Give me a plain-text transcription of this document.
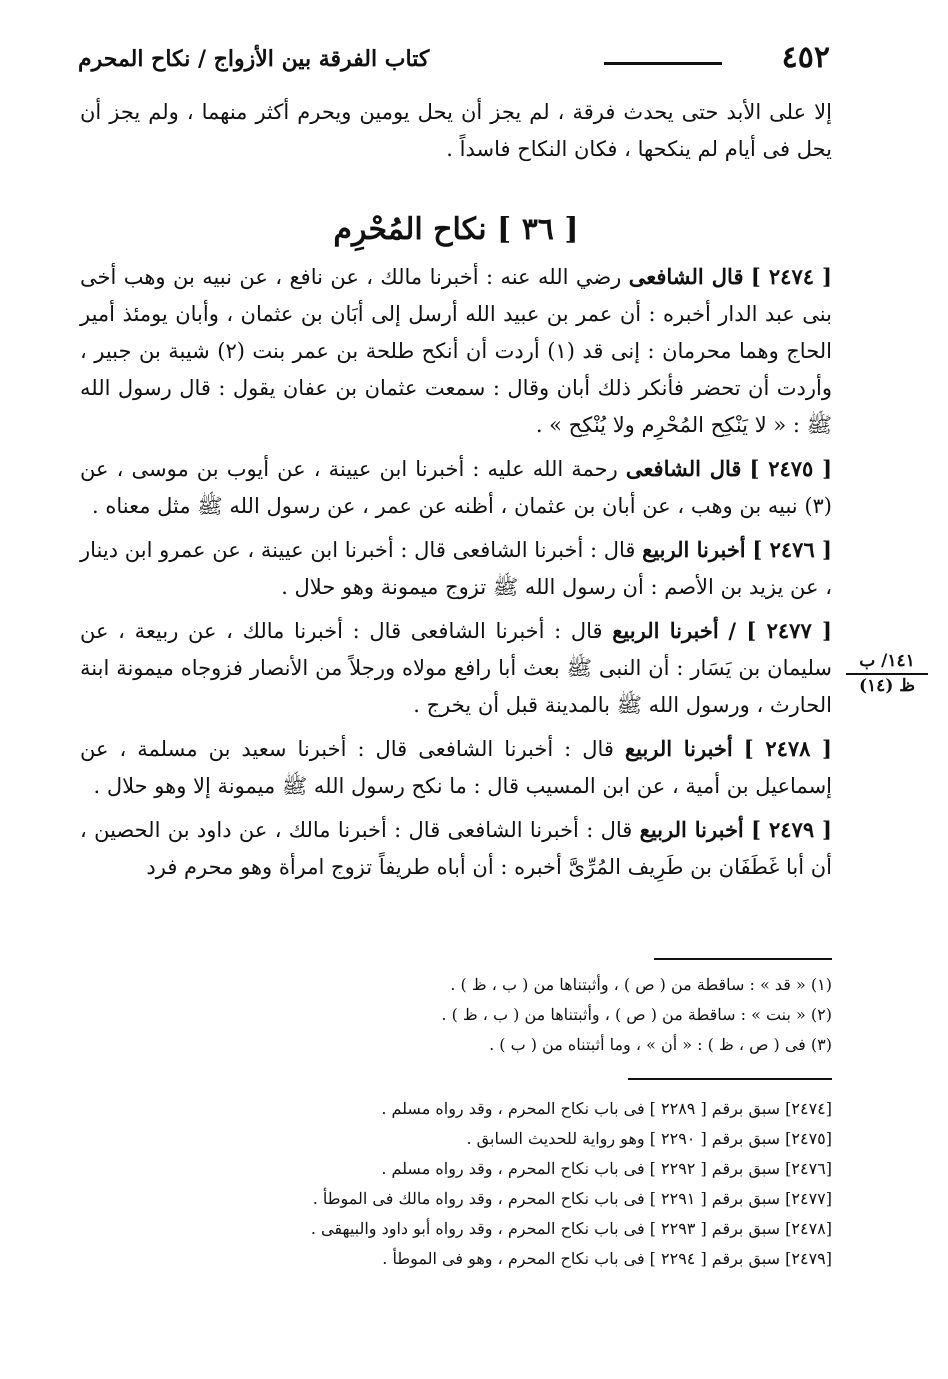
٤٥٢
كتاب الفرقة بين الأزواج / نكاح المحرم

إلا على الأبد حتى يحدث فرقة ، لم يجز أن يحل يومين ويحرم أكثر منهما ، ولم يجز أن يحل فى أيام لم ينكحها ، فكان النكاح فاسداً .

[ ٣٦ ] نكاح المُحْرِم

[ ٢٤٧٤ ] قال الشافعى رضي الله عنه : أخبرنا مالك ، عن نافع ، عن نبيه بن وهب أخى بنى عبد الدار أخبره : أن عمر بن عبيد الله أرسل إلى أبَان بن عثمان ، وأبان يومئذ أمير الحاج وهما محرمان : إنى قد (١) أردت أن أنكح طلحة بن عمر بنت (٢) شيبة بن جبير ، وأردت أن تحضر فأنكر ذلك أبان وقال : سمعت عثمان بن عفان يقول : قال رسول الله ﷺ : « لا يَنْكِح المُحْرِم ولا يُنْكِح » .

[ ٢٤٧٥ ] قال الشافعى رحمة الله عليه : أخبرنا ابن عيينة ، عن أيوب بن موسى ، عن (٣) نبيه بن وهب ، عن أبان بن عثمان ، أظنه عن عمر ، عن رسول الله ﷺ مثل معناه .

[ ٢٤٧٦ ] أخبرنا الربيع قال : أخبرنا الشافعى قال : أخبرنا ابن عيينة ، عن عمرو ابن دينار ، عن يزيد بن الأصم : أن رسول الله ﷺ تزوج ميمونة وهو حلال .

[ ٢٤٧٧ ] / أخبرنا الربيع قال : أخبرنا الشافعى قال : أخبرنا مالك ، عن ربيعة ، عن سليمان بن يَسَار : أن النبى ﷺ بعث أبا رافع مولاه ورجلاً من الأنصار فزوجاه ميمونة ابنة الحارث ، ورسول الله ﷺ بالمدينة قبل أن يخرج .

[ ٢٤٧٨ ] أخبرنا الربيع قال : أخبرنا الشافعى قال : أخبرنا سعيد بن مسلمة ، عن إسماعيل بن أمية ، عن ابن المسيب قال : ما نكح رسول الله ﷺ ميمونة إلا وهو حلال .

[ ٢٤٧٩ ] أخبرنا الربيع قال : أخبرنا الشافعى قال : أخبرنا مالك ، عن داود بن الحصين ، أن أبا غَطَفَان بن طَرِيف المُرِّىَّ أخبره : أن أباه طريفاً تزوج امرأة وهو محرم فرد

١٤١/ ب
ظ (١٤)

(١) « قد » : ساقطة من ( ص ) ، وأثبتناها من ( ب ، ظ ) .

(٢) « بنت » : ساقطة من ( ص ) ، وأثبتناها من ( ب ، ظ ) .

(٣) فى ( ص ، ظ ) : « أن » ، وما أثبتناه من ( ب ) .

[٢٤٧٤] سبق برقم [ ٢٢٨٩ ] فى باب نكاح المحرم ، وقد رواه مسلم .

[٢٤٧٥] سبق برقم [ ٢٢٩٠ ] وهو رواية للحديث السابق .

[٢٤٧٦] سبق برقم [ ٢٢٩٢ ] فى باب نكاح المحرم ، وقد رواه مسلم .

[٢٤٧٧] سبق برقم [ ٢٢٩١ ] فى باب نكاح المحرم ، وقد رواه مالك فى الموطأ .

[٢٤٧٨] سبق برقم [ ٢٢٩٣ ] فى باب نكاح المحرم ، وقد رواه أبو داود والبيهقى .

[٢٤٧٩] سبق برقم [ ٢٢٩٤ ] فى باب نكاح المحرم ، وهو فى الموطأ .
